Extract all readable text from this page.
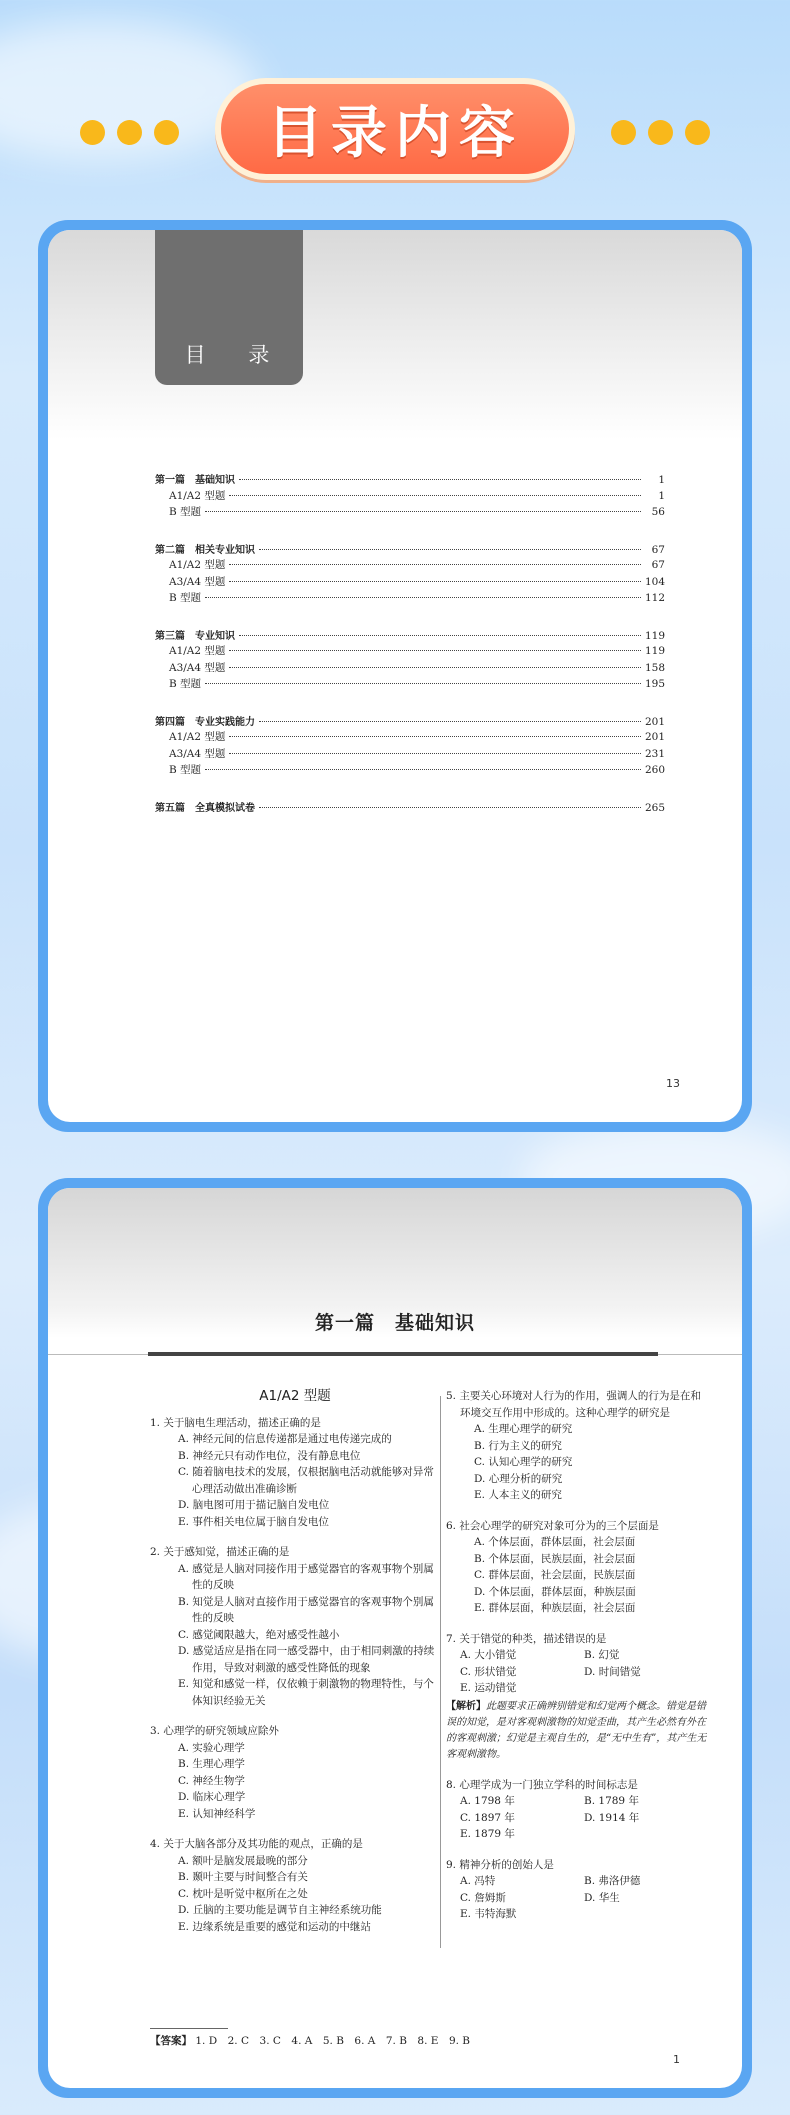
目录内容
目 录
第一篇　基础知识	1
A1/A2 型题	1
B 型题	56
第二篇　相关专业知识	67
A1/A2 型题	67
A3/A4 型题	104
B 型题	112
第三篇　专业知识	119
A1/A2 型题	119
A3/A4 型题	158
B 型题	195
第四篇　专业实践能力	201
A1/A2 型题	201
A3/A4 型题	231
B 型题	260
第五篇　全真模拟试卷	265
13
第一篇　基础知识
A1/A2 型题
1. 关于脑电生理活动，描述正确的是
A. 神经元间的信息传递都是通过电传递完成的
B. 神经元只有动作电位，没有静息电位
C. 随着脑电技术的发展，仅根据脑电活动就能够对异常心理活动做出准确诊断
D. 脑电图可用于描记脑自发电位
E. 事件相关电位属于脑自发电位
2. 关于感知觉，描述正确的是
A. 感觉是人脑对同接作用于感觉器官的客观事物个别属性的反映
B. 知觉是人脑对直接作用于感觉器官的客观事物个别属性的反映
C. 感觉阈限越大，绝对感受性越小
D. 感觉适应是指在同一感受器中，由于相同刺激的持续作用，导致对刺激的感受性降低的现象
E. 知觉和感觉一样，仅依赖于刺激物的物理特性，与个体知识经验无关
3. 心理学的研究领域应除外
A. 实验心理学
B. 生理心理学
C. 神经生物学
D. 临床心理学
E. 认知神经科学
4. 关于大脑各部分及其功能的观点，正确的是
A. 额叶是脑发展最晚的部分
B. 颞叶主要与时间整合有关
C. 枕叶是听觉中枢所在之处
D. 丘脑的主要功能是调节自主神经系统功能
E. 边缘系统是重要的感觉和运动的中继站
5. 主要关心环境对人行为的作用，强调人的行为是在和环境交互作用中形成的。这种心理学的研究是
A. 生理心理学的研究
B. 行为主义的研究
C. 认知心理学的研究
D. 心理分析的研究
E. 人本主义的研究
6. 社会心理学的研究对象可分为的三个层面是
A. 个体层面，群体层面，社会层面
B. 个体层面，民族层面，社会层面
C. 群体层面，社会层面，民族层面
D. 个体层面，群体层面，种族层面
E. 群体层面，种族层面，社会层面
7. 关于错觉的种类，描述错误的是
A. 大小错觉	B. 幻觉
C. 形状错觉	D. 时间错觉
E. 运动错觉
【解析】此题要求正确辨别错觉和幻觉两个概念。错觉是错误的知觉，是对客观刺激物的知觉歪曲，其产生必然有外在的客观刺激；幻觉是主观自生的，是“无中生有”，其产生无客观刺激物。
8. 心理学成为一门独立学科的时间标志是
A. 1798 年	B. 1789 年
C. 1897 年	D. 1914 年
E. 1879 年
9. 精神分析的创始人是
A. 冯特	B. 弗洛伊德
C. 詹姆斯	D. 华生
E. 韦特海默
【答案】 1. D　2. C　3. C　4. A　5. B　6. A　7. B　8. E　9. B
1
